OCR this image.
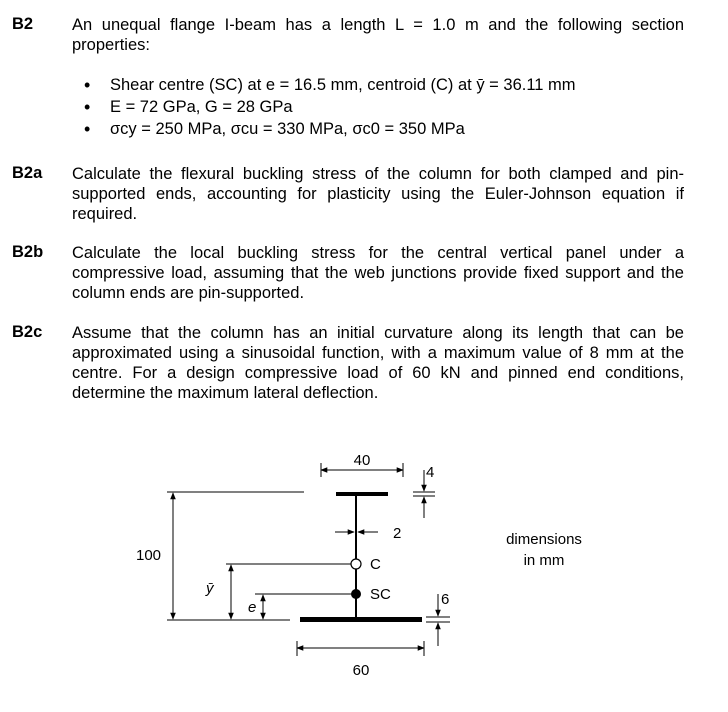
B2 An unequal flange I-beam has a length L = 1.0 m and the following section properties:
• Shear centre (SC) at e = 16.5 mm, centroid (C) at ȳ = 36.11 mm
• E = 72 GPa, G = 28 GPa
• σcy = 250 MPa, σcu = 330 MPa, σc0 = 350 MPa
B2a Calculate the flexural buckling stress of the column for both clamped and pin-supported ends, accounting for plasticity using the Euler-Johnson equation if required.
B2b Calculate the local buckling stress for the central vertical panel under a compressive load, assuming that the web junctions provide fixed support and the column ends are pin-supported.
B2c Assume that the column has an initial curvature along its length that can be approximated using a sinusoidal function, with a maximum value of 8 mm at the centre. For a design compressive load of 60 kN and pinned end conditions, determine the maximum lateral deflection.
40
4
2
100
C
ȳ	SC
e	6
60
dimensions
in mm
